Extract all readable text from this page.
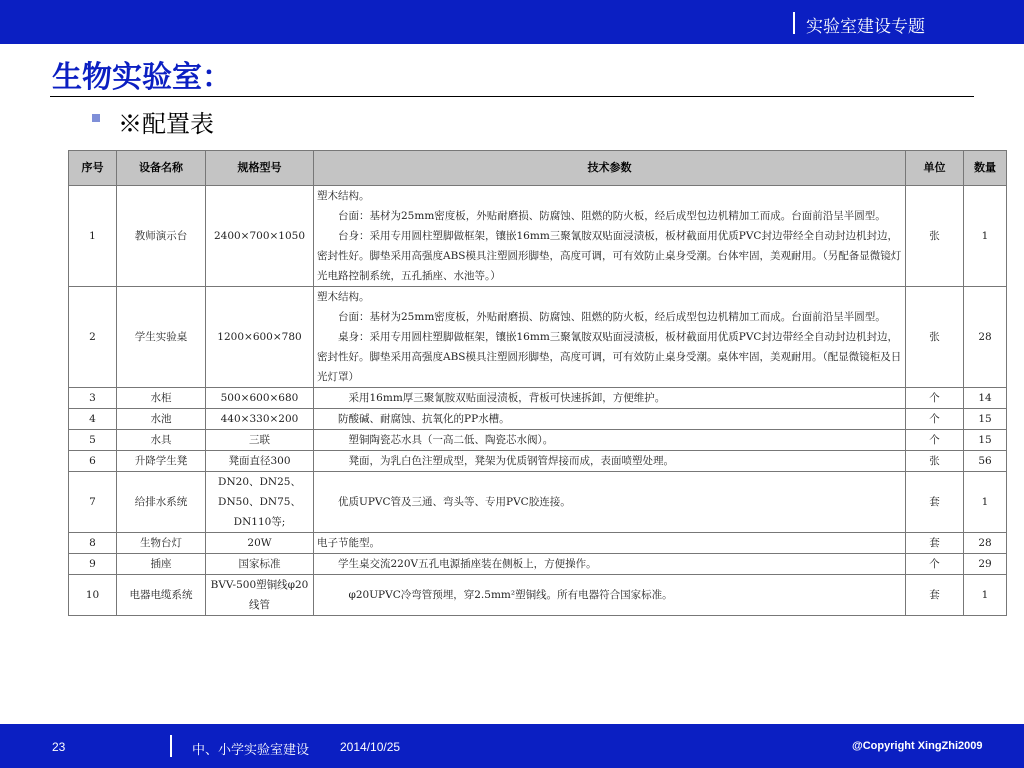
实验室建设专题
生物实验室：
※配置表
序号	设备名称	规格型号	技术参数	单位	数量
1	教师演示台	2400×700×1050	塑木结构。
　　台面：基材为25mm密度板，外贴耐磨损、防腐蚀、阻燃的防火板，经后成型包边机精加工而成。台面前沿呈半圆型。
　　台身：采用专用圆柱塑脚做框架，镶嵌16mm三聚氰胺双贴面浸渍板，板材截面用优质PVC封边带经全自动封边机封边，密封性好。脚垫采用高强度ABS模具注塑圆形脚垫，高度可调，可有效防止桌身受潮。台体牢固，美观耐用。（另配备显微镜灯光电路控制系统，五孔插座、水池等。）	张	1
2	学生实验桌	1200×600×780	塑木结构。
　　台面：基材为25mm密度板，外贴耐磨损、防腐蚀、阻燃的防火板，经后成型包边机精加工而成。台面前沿呈半圆型。
　　桌身：采用专用圆柱塑脚做框架，镶嵌16mm三聚氰胺双贴面浸渍板，板材截面用优质PVC封边带经全自动封边机封边，密封性好。脚垫采用高强度ABS模具注塑圆形脚垫，高度可调，可有效防止桌身受潮。桌体牢固，美观耐用。（配显微镜柜及日光灯罩）	张	28
3	水柜	500×600×680	　　　采用16mm厚三聚氰胺双贴面浸渍板，背板可快速拆卸，方便维护。	个	14
4	水池	440×330×200	　　防酸碱、耐腐蚀、抗氧化的PP水槽。	个	15
5	水具	三联	　　　塑铜陶瓷芯水具（一高二低、陶瓷芯水阀）。	个	15
6	升降学生凳	凳面直径300	　　　凳面，为乳白色注塑成型，凳架为优质钢管焊接而成，表面喷塑处理。	张	56
7	给排水系统	DN20、DN25、DN50、DN75、DN110等;	　　优质UPVC管及三通、弯头等、专用PVC胶连接。	套	1
8	生物台灯	20W	电子节能型。	套	28
9	插座	国家标准	　　学生桌交流220V五孔电源插座装在侧板上，方便操作。	个	29
10	电器电缆系统	BVV-500塑铜线φ20线管	　　　φ20UPVC冷弯管预埋，穿2.5mm²塑铜线。所有电器符合国家标准。	套	1
23	中、小学实验室建设	2014/10/25	@Copyright XingZhi2009
